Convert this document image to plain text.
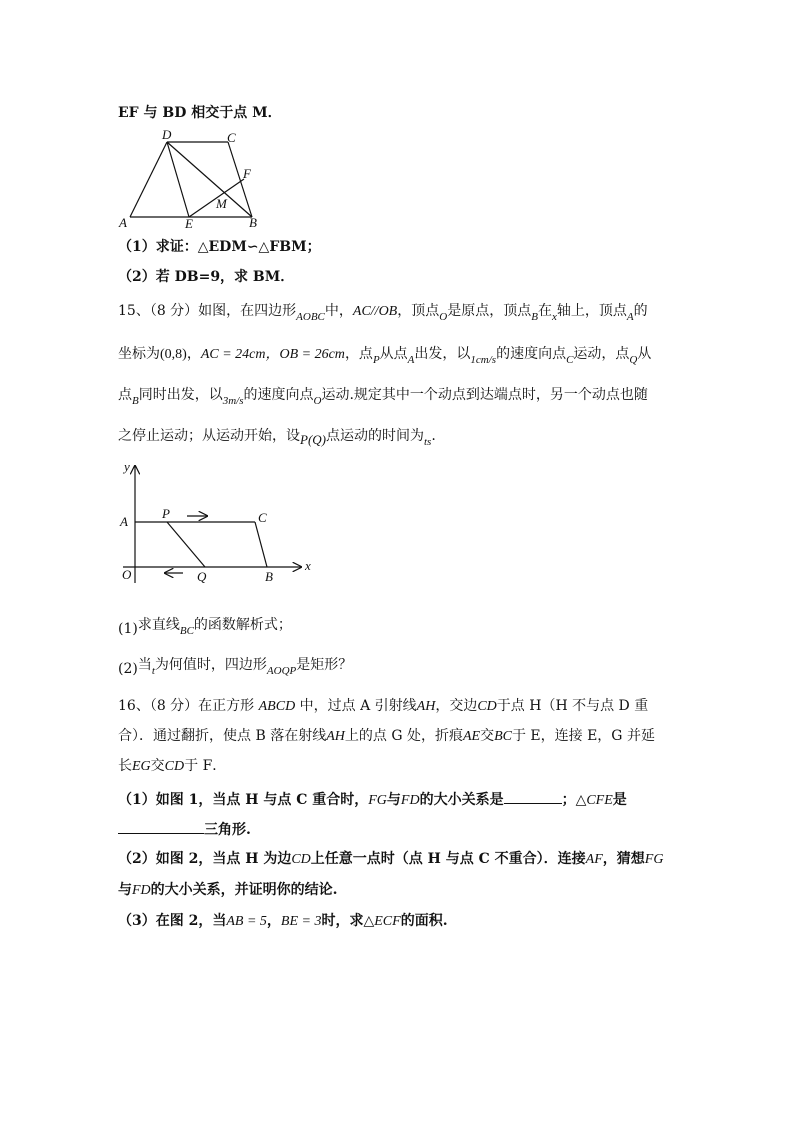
EF 与 BD 相交于点 M．
D	C
F
M
A	E	B
（1）求证：△EDM∽△FBM；
（2）若 DB=9，求 BM．
15、（8 分）如图，在四边形$_{AOBC}$中，AC//OB，顶点$_O$是原点，顶点$_B$在$_x$轴上，顶点$_A$的
坐标为(0,8)，AC = 24cm，OB = 26cm，点$_P$从点$_A$出发，以$_{1cm/s}$的速度向点$_C$运动，点$_Q$从
点$_B$同时出发，以$_{3m/s}$的速度向点$_O$运动.规定其中一个动点到达端点时，另一个动点也随
之停止运动；从运动开始，设P(Q)点运动的时间为$_{ts}$.
y
A
P	C
O	Q	B
x
(1)求直线$_{BC}$的函数解析式；
(2)当$_t$为何值时，四边形$_{AOQP}$是矩形？
16、（8 分）在正方形 ABCD 中，过点 A 引射线AH，交边CD于点 H（H 不与点 D 重
合）．通过翻折，使点 B 落在射线AH上的点 G 处，折痕AE交BC于 E，连接 E，G 并延
长EG交CD于 F．
（1）如图 1，当点 H 与点 C 重合时，FG与FD的大小关系是	；△CFE是
三角形.
（2）如图 2，当点 H 为边CD上任意一点时（点 H 与点 C 不重合）．连接AF，猜想FG
与FD的大小关系，并证明你的结论.
（3）在图 2，当AB = 5，BE = 3时，求△ECF的面积.
